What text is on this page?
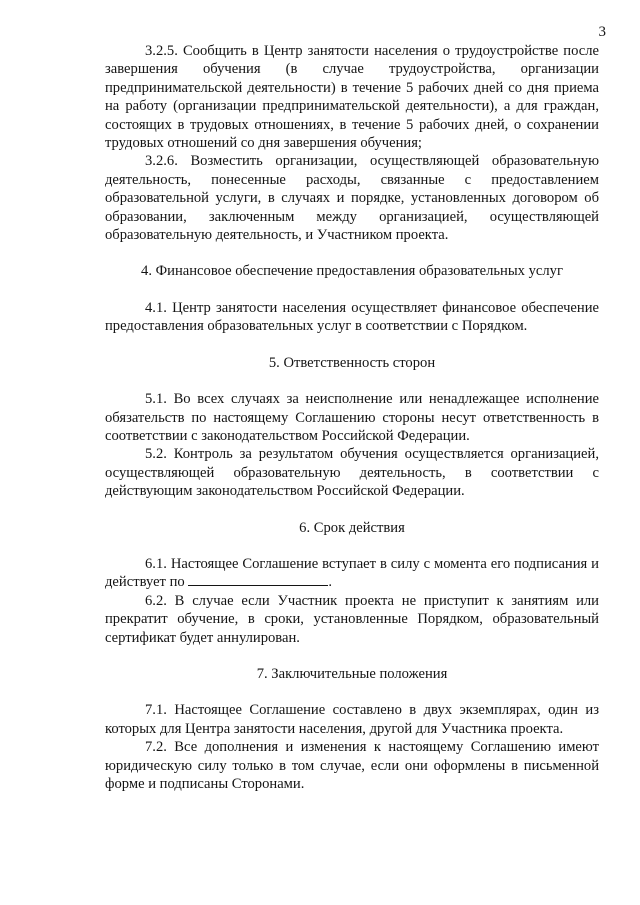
3

3.2.5. Сообщить в Центр занятости населения о трудоустройстве после завершения обучения (в случае трудоустройства, организации предпринимательской деятельности) в течение 5 рабочих дней со дня приема на работу (организации предпринимательской деятельности), а для граждан, состоящих в трудовых отношениях, в течение 5 рабочих дней, о сохранении трудовых отношений со дня завершения обучения;

3.2.6. Возместить организации, осуществляющей образовательную деятельность, понесенные расходы, связанные с предоставлением образовательной услуги, в случаях и порядке, установленных договором об образовании, заключенным между организацией, осуществляющей образовательную деятельность, и Участником проекта.

4. Финансовое обеспечение предоставления образовательных услуг

4.1. Центр занятости населения осуществляет финансовое обеспечение предоставления образовательных услуг в соответствии с Порядком.

5. Ответственность сторон

5.1. Во всех случаях за неисполнение или ненадлежащее исполнение обязательств по настоящему Соглашению стороны несут ответственность в соответствии с законодательством Российской Федерации.

5.2. Контроль за результатом обучения осуществляется организацией, осуществляющей образовательную деятельность, в соответствии с действующим законодательством Российской Федерации.

6. Срок действия

6.1. Настоящее Соглашение вступает в силу с момента его подписания и действует по	.

6.2. В случае если Участник проекта не приступит к занятиям или прекратит обучение, в сроки, установленные Порядком, образовательный сертификат будет аннулирован.

7. Заключительные положения

7.1. Настоящее Соглашение составлено в двух экземплярах, один из которых для Центра занятости населения, другой для Участника проекта.

7.2. Все дополнения и изменения к настоящему Соглашению имеют юридическую силу только в том случае, если они оформлены в письменной форме и подписаны Сторонами.
